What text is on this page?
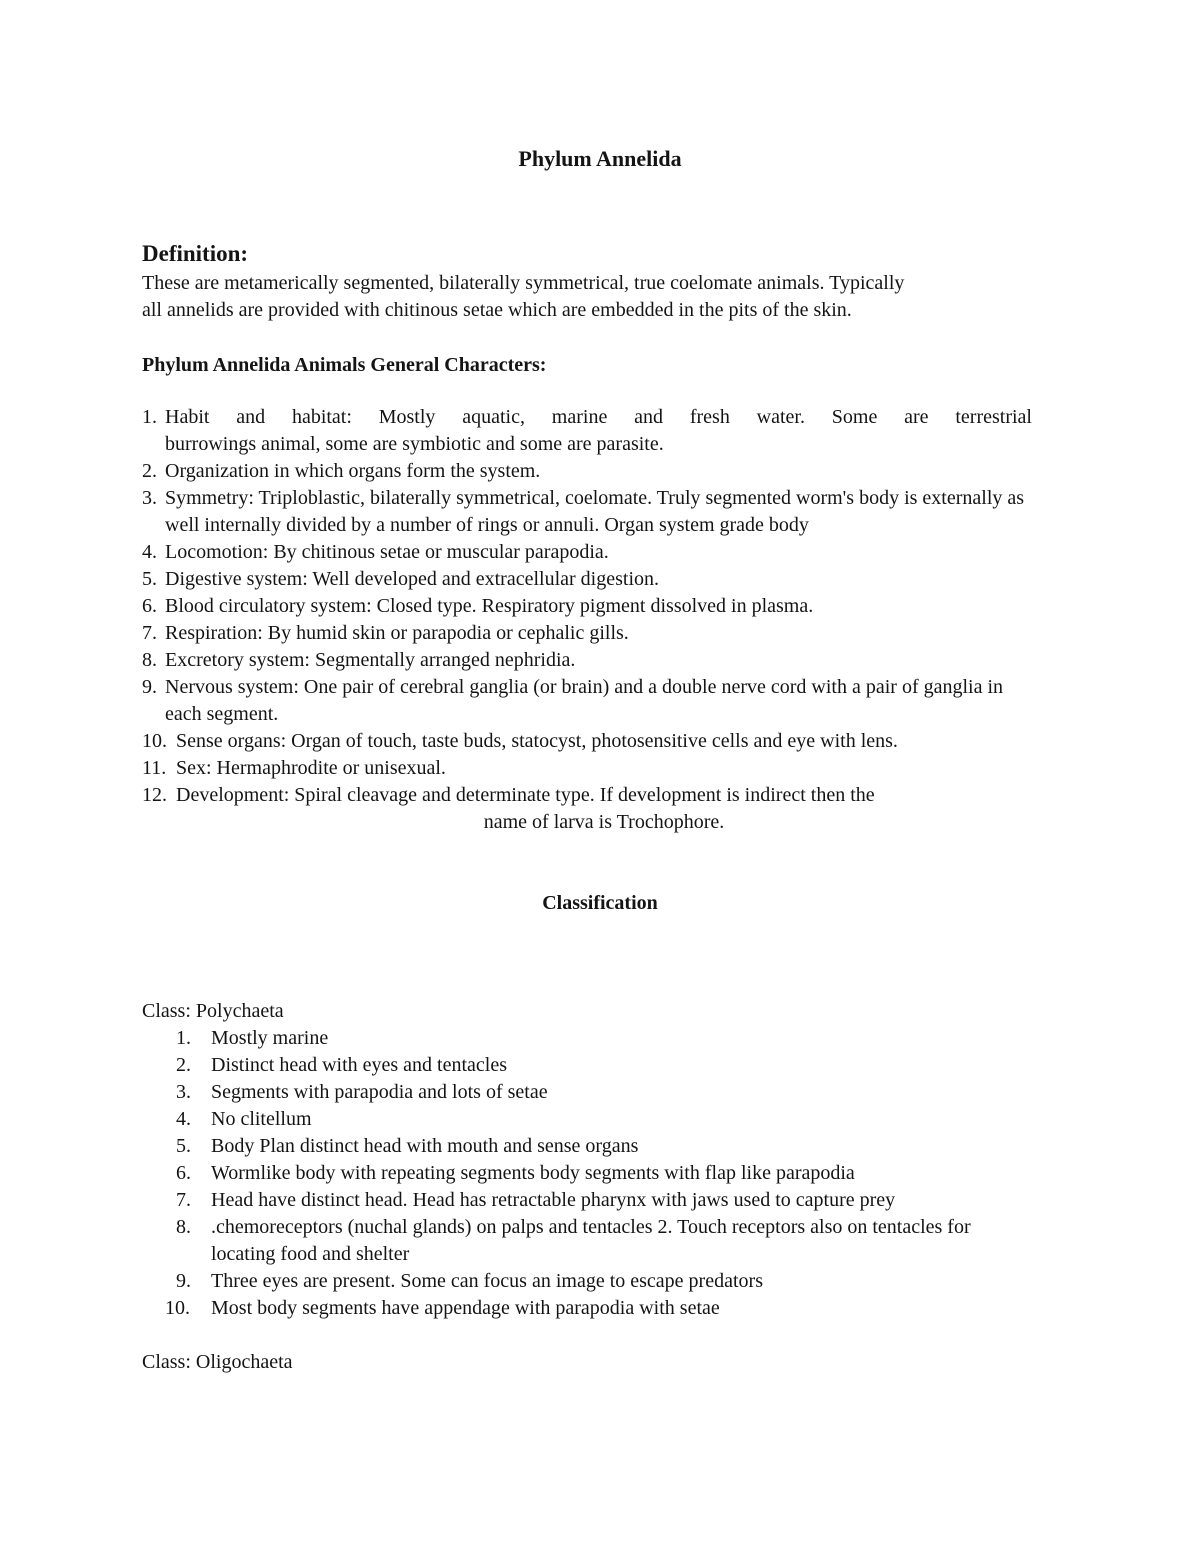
Phylum Annelida
Definition:
These are metamerically segmented, bilaterally symmetrical, true coelomate animals. Typically
all annelids are provided with chitinous setae which are embedded in the pits of the skin.
Phylum Annelida Animals General Characters:
1. Habit and habitat: Mostly aquatic, marine and fresh water. Some are terrestrial
burrowings animal, some are symbiotic and some are parasite.
2. Organization in which organs form the system.
3. Symmetry: Triploblastic, bilaterally symmetrical, coelomate. Truly segmented worm's body is externally as well internally divided by a number of rings or annuli. Organ system grade body
4. Locomotion: By chitinous setae or muscular parapodia.
5. Digestive system: Well developed and extracellular digestion.
6. Blood circulatory system: Closed type. Respiratory pigment dissolved in plasma.
7. Respiration: By humid skin or parapodia or cephalic gills.
8. Excretory system: Segmentally arranged nephridia.
9. Nervous system: One pair of cerebral ganglia (or brain) and a double nerve cord with a pair of ganglia in each segment.
10. Sense organs: Organ of touch, taste buds, statocyst, photosensitive cells and eye with lens.
11. Sex: Hermaphrodite or unisexual.
12. Development: Spiral cleavage and determinate type. If development is indirect then the
name of larva is Trochophore.
Classification
Class: Polychaeta
1. Mostly marine
2. Distinct head with eyes and tentacles
3. Segments with parapodia and lots of setae
4. No clitellum
5. Body Plan distinct head with mouth and sense organs
6. Wormlike body with repeating segments body segments with flap like parapodia
7. Head have distinct head. Head has retractable pharynx with jaws used to capture prey
8. .chemoreceptors (nuchal glands) on palps and tentacles 2. Touch receptors also on tentacles for locating food and shelter
9. Three eyes are present. Some can focus an image to escape predators
10. Most body segments have appendage with parapodia with setae
Class: Oligochaeta
